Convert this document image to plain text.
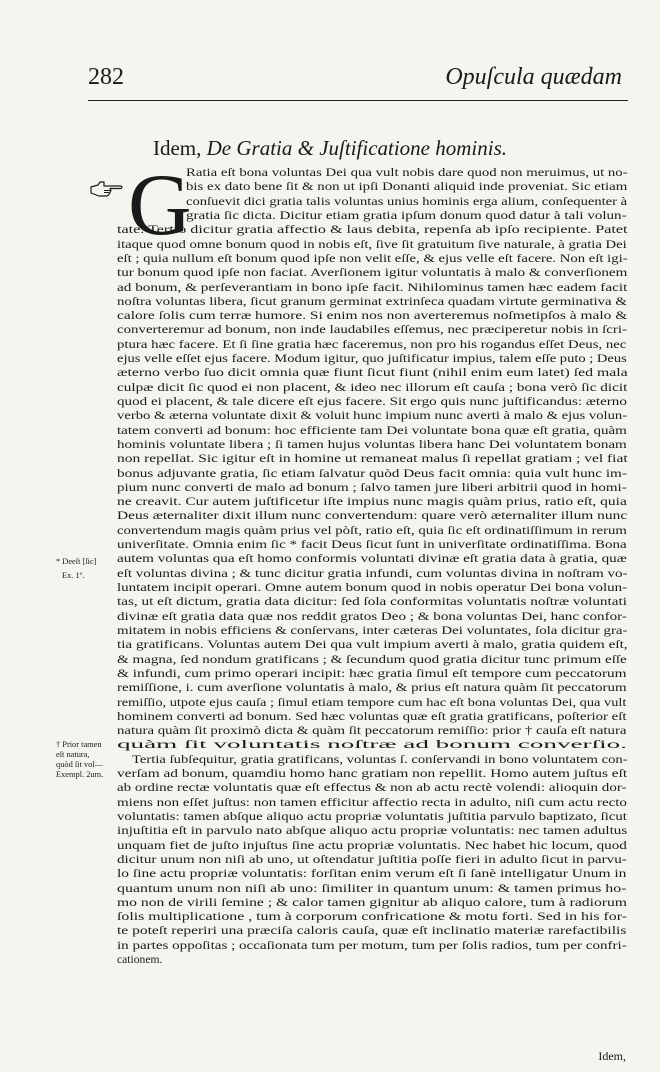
282	Opuſcula quædam
Idem, De Gratia & Juſtificatione hominis.
G
Ratia eſt bona voluntas Dei qua vult nobis dare quod non meruimus, ut no-
bis ex dato bene ſit & non ut ipſi Donanti aliquid inde proveniat. Sic etiam
conſuevit dici gratia talis voluntas unius hominis erga alium, conſequenter à
gratia ſic dicta. Dicitur etiam gratia ipſum donum quod datur à tali volun-
tate. Tertiò dicitur gratia affectio & laus debita, repenſa ab ipſo recipiente. Patet
itaque quod omne bonum quod in nobis eſt, ſive ſit gratuitum ſive naturale, à gratia Dei
eſt ; quia nullum eſt bonum quod ipſe non velit eſſe, & ejus velle eſt facere. Non eſt igi-
tur bonum quod ipſe non faciat. Averſionem igitur voluntatis à malo & converſionem
ad bonum, & perſeverantiam in bono ipſe facit. Nihilominus tamen hæc eadem facit
noſtra voluntas libera, ſicut granum germinat extrinſeca quadam virtute germinativa &
calore ſolis cum terræ humore. Si enim nos non averteremus noſmetipſos à malo &
converteremur ad bonum, non inde laudabiles eſſemus, nec præciperetur nobis in ſcri-
ptura hæc facere. Et ſi ſine gratia hæc faceremus, non pro his rogandus eſſet Deus, nec
ejus velle eſſet ejus facere. Modum igitur, quo juſtificatur impius, talem eſſe puto ; Deus
æterno verbo ſuo dicit omnia quæ fiunt ſicut fiunt (nihil enim eum latet) ſed mala
culpæ dicit ſic quod ei non placent, & ideo nec illorum eſt cauſa ; bona verò ſic dicit
quod ei placent, & tale dicere eſt ejus facere. Sit ergo quis nunc juſtificandus: æterno
verbo & æterna voluntate dixit & voluit hunc impium nunc averti à malo & ejus volun-
tatem converti ad bonum: hoc efficiente tam Dei voluntate bona quæ eſt gratia, quàm
hominis voluntate libera ; ſi tamen hujus voluntas libera hanc Dei voluntatem bonam
non repellat. Sic igitur eſt in homine ut remaneat malus ſi repellat gratiam ; vel fiat
bonus adjuvante gratia, ſic etiam ſalvatur quòd Deus facit omnia: quia vult hunc im-
pium nunc converti de malo ad bonum ; ſalvo tamen jure liberi arbitrii quod in homi-
ne creavit. Cur autem juſtificetur iſte impius nunc magis quàm prius, ratio eſt, quia
Deus æternaliter dixit illum nunc convertendum: quare verò æternaliter illum nunc
convertendum magis quàm prius vel pòſt, ratio eſt, quia ſic eſt ordinatiſſimum in rerum
univerſitate. Omnia enim ſic * facit Deus ſicut ſunt in univerſitate ordinatiſſima. Bona
autem voluntas qua eſt homo conformis voluntati divinæ eſt gratia data à gratia, quæ
eſt voluntas divina ; & tunc dicitur gratia infundi, cum voluntas divina in noſtram vo-
luntatem incipit operari. Omne autem bonum quod in nobis operatur Dei bona volun-
tas, ut eſt dictum, gratia data dicitur: ſed ſola conformitas voluntatis noſtræ voluntati
divinæ eſt gratia data quæ nos reddit gratos Deo ; & bona voluntas Dei, hanc confor-
mitatem in nobis efficiens & conſervans, inter cæteras Dei voluntates, ſola dicitur gra-
tia gratificans. Voluntas autem Dei qua vult impium averti à malo, gratia quidem eſt,
& magna, ſed nondum gratificans ; & ſecundum quod gratia dicitur tunc primum eſſe
& infundi, cum primo operari incipit: hæc gratia ſimul eſt tempore cum peccatorum
remiſſione, i. cum averſione voluntatis à malo, & prius eſt natura quàm ſit peccatorum
remiſſio, utpote ejus cauſa ; ſimul etiam tempore cum hac eſt bona voluntas Dei, qua vult
hominem converti ad bonum. Sed hæc voluntas quæ eſt gratia gratificans, poſterior eſt
natura quàm ſit proximò dicta & quàm ſit peccatorum remiſſio: prior † cauſa eſt natura
quàm ſit voluntatis noſtræ ad bonum converſio.
Tertia ſubſequitur, gratia gratificans, voluntas ſ. conſervandi in bono voluntatem con-
verſam ad bonum, quamdiu homo hanc gratiam non repellit. Homo autem juſtus eſt
ab ordine rectæ voluntatis quæ eſt effectus & non ab actu rectè volendi: alioquin dor-
miens non eſſet juſtus: non tamen efficitur affectio recta in adulto, niſi cum actu recto
voluntatis: tamen abſque aliquo actu propriæ voluntatis juſtitia parvulo baptizato, ſicut
injuſtitia eſt in parvulo nato abſque aliquo actu propriæ voluntatis: nec tamen adultus
unquam fiet de juſto injuſtus ſine actu propriæ voluntatis. Nec habet hic locum, quod
dicitur unum non niſi ab uno, ut oſtendatur juſtitia poſſe fieri in adulto ſicut in parvu-
lo ſine actu propriæ voluntatis: forſitan enim verum eſt ſi ſanè intelligatur Unum in
quantum unum non niſi ab uno: ſimiliter in quantum unum: & tamen primus ho-
mo non de virili ſemine ; & calor tamen gignitur ab aliquo calore, tum à radiorum
ſolis multiplicatione , tum à corporum confricatione & motu forti. Sed in his for-
te poteſt reperiri una præciſa caloris cauſa, quæ eſt inclinatio materiæ rarefactibilis
in partes oppoſitas ; occaſionata tum per motum, tum per ſolis radios, tum per confri-
cationem.
* Deeſt [ſic]
Ex. 1º.
† Prior tamen
eſt natura,
quòd ſit vol—
Exempl. 2um.
Idem,
